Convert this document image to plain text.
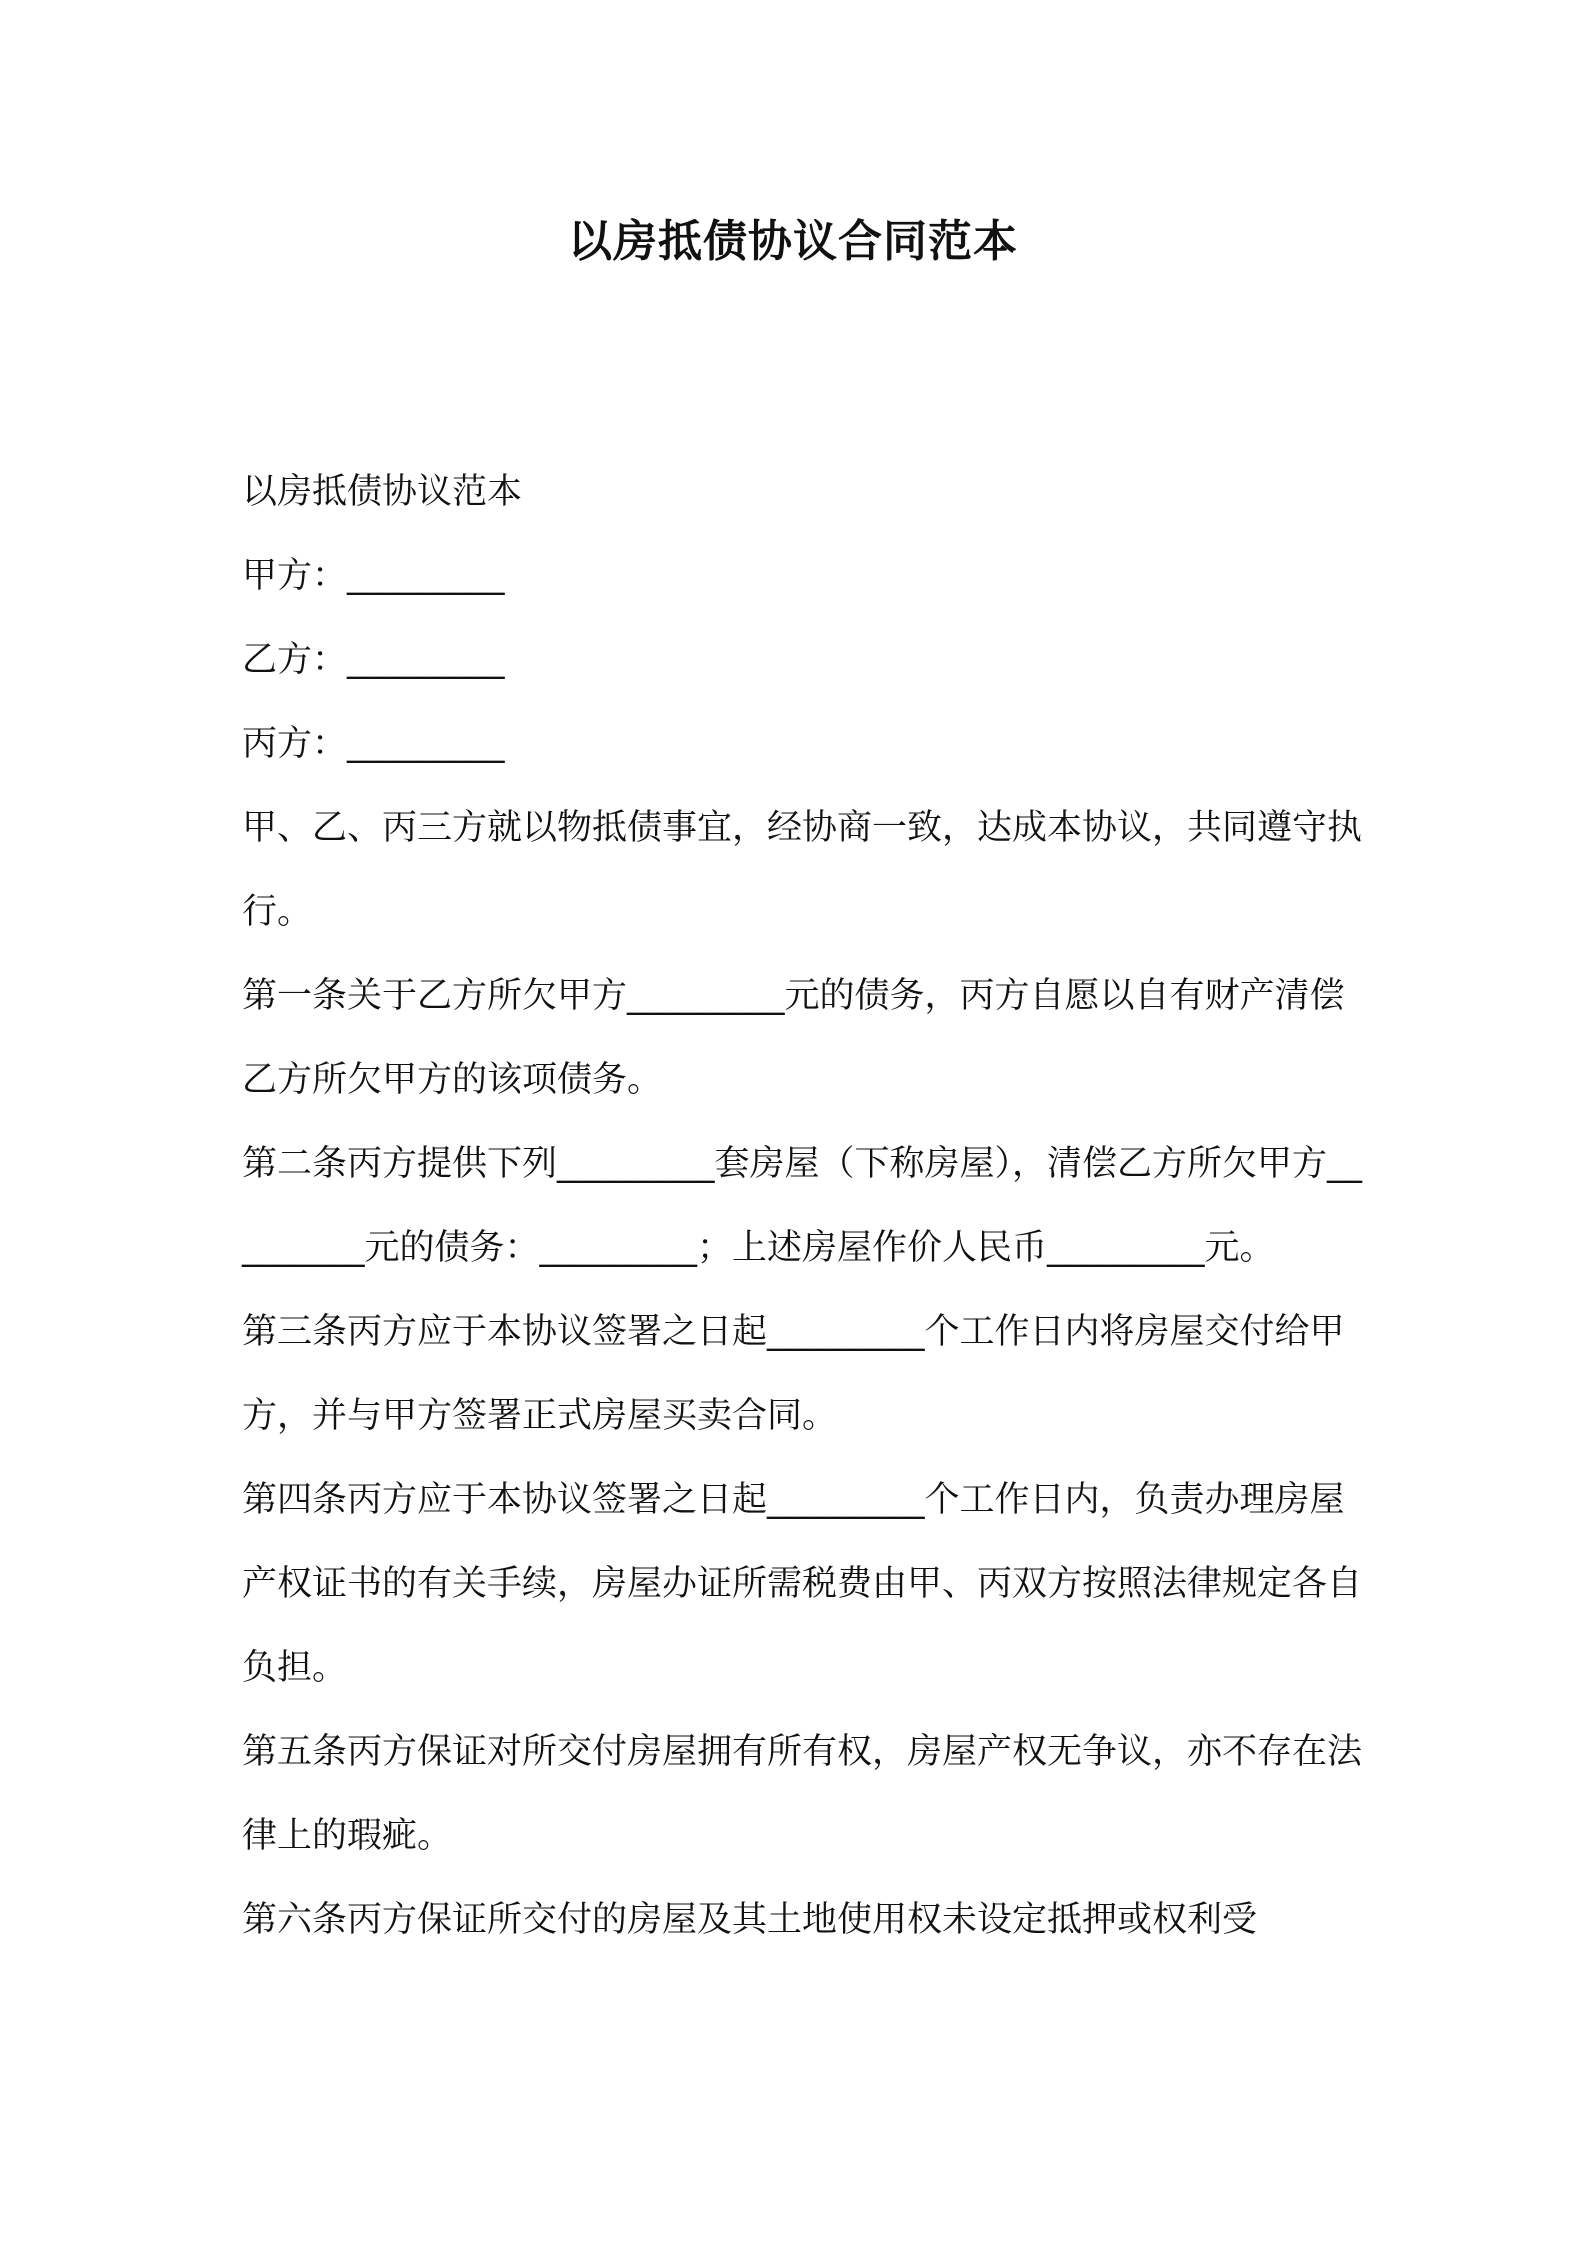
以房抵债协议合同范本

以房抵债协议范本

甲方：_________

乙方：_________

丙方：_________

甲、乙、丙三方就以物抵债事宜，经协商一致，达成本协议，共同遵守执行。

第一条关于乙方所欠甲方_________元的债务，丙方自愿以自有财产清偿乙方所欠甲方的该项债务。

第二条丙方提供下列_________套房屋（下称房屋），清偿乙方所欠甲方_________元的债务：_________；上述房屋作价人民币_________元。

第三条丙方应于本协议签署之日起_________个工作日内将房屋交付给甲方，并与甲方签署正式房屋买卖合同。

第四条丙方应于本协议签署之日起_________个工作日内，负责办理房屋产权证书的有关手续，房屋办证所需税费由甲、丙双方按照法律规定各自负担。

第五条丙方保证对所交付房屋拥有所有权，房屋产权无争议，亦不存在法律上的瑕疵。

第六条丙方保证所交付的房屋及其土地使用权未设定抵押或权利受
